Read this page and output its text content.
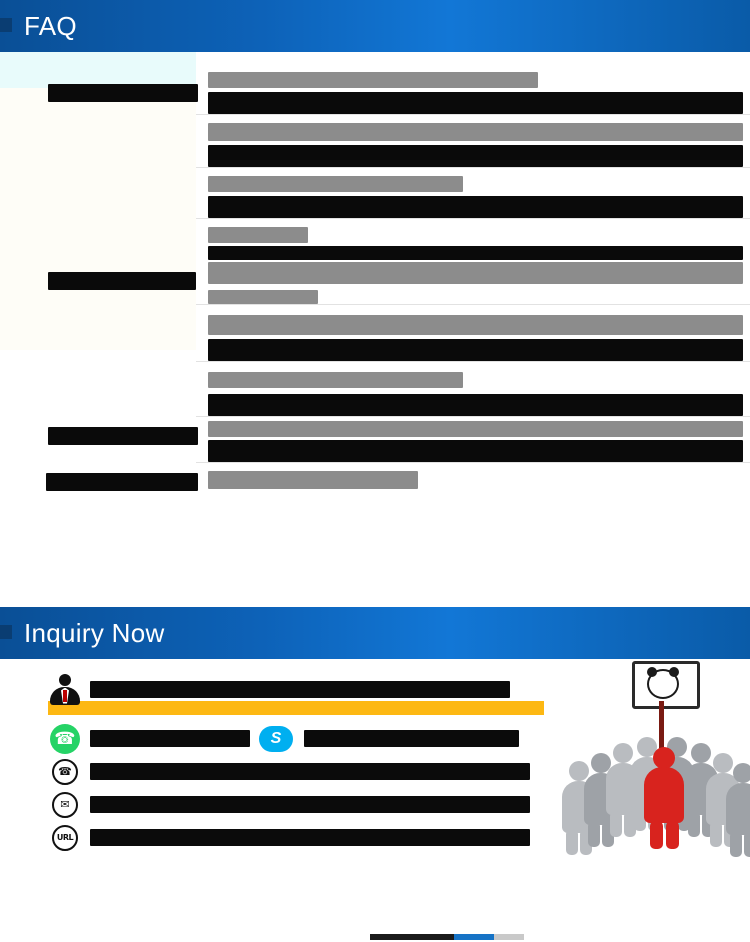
FAQ

Inquiry Now
☎	S
☎
✉
URL
